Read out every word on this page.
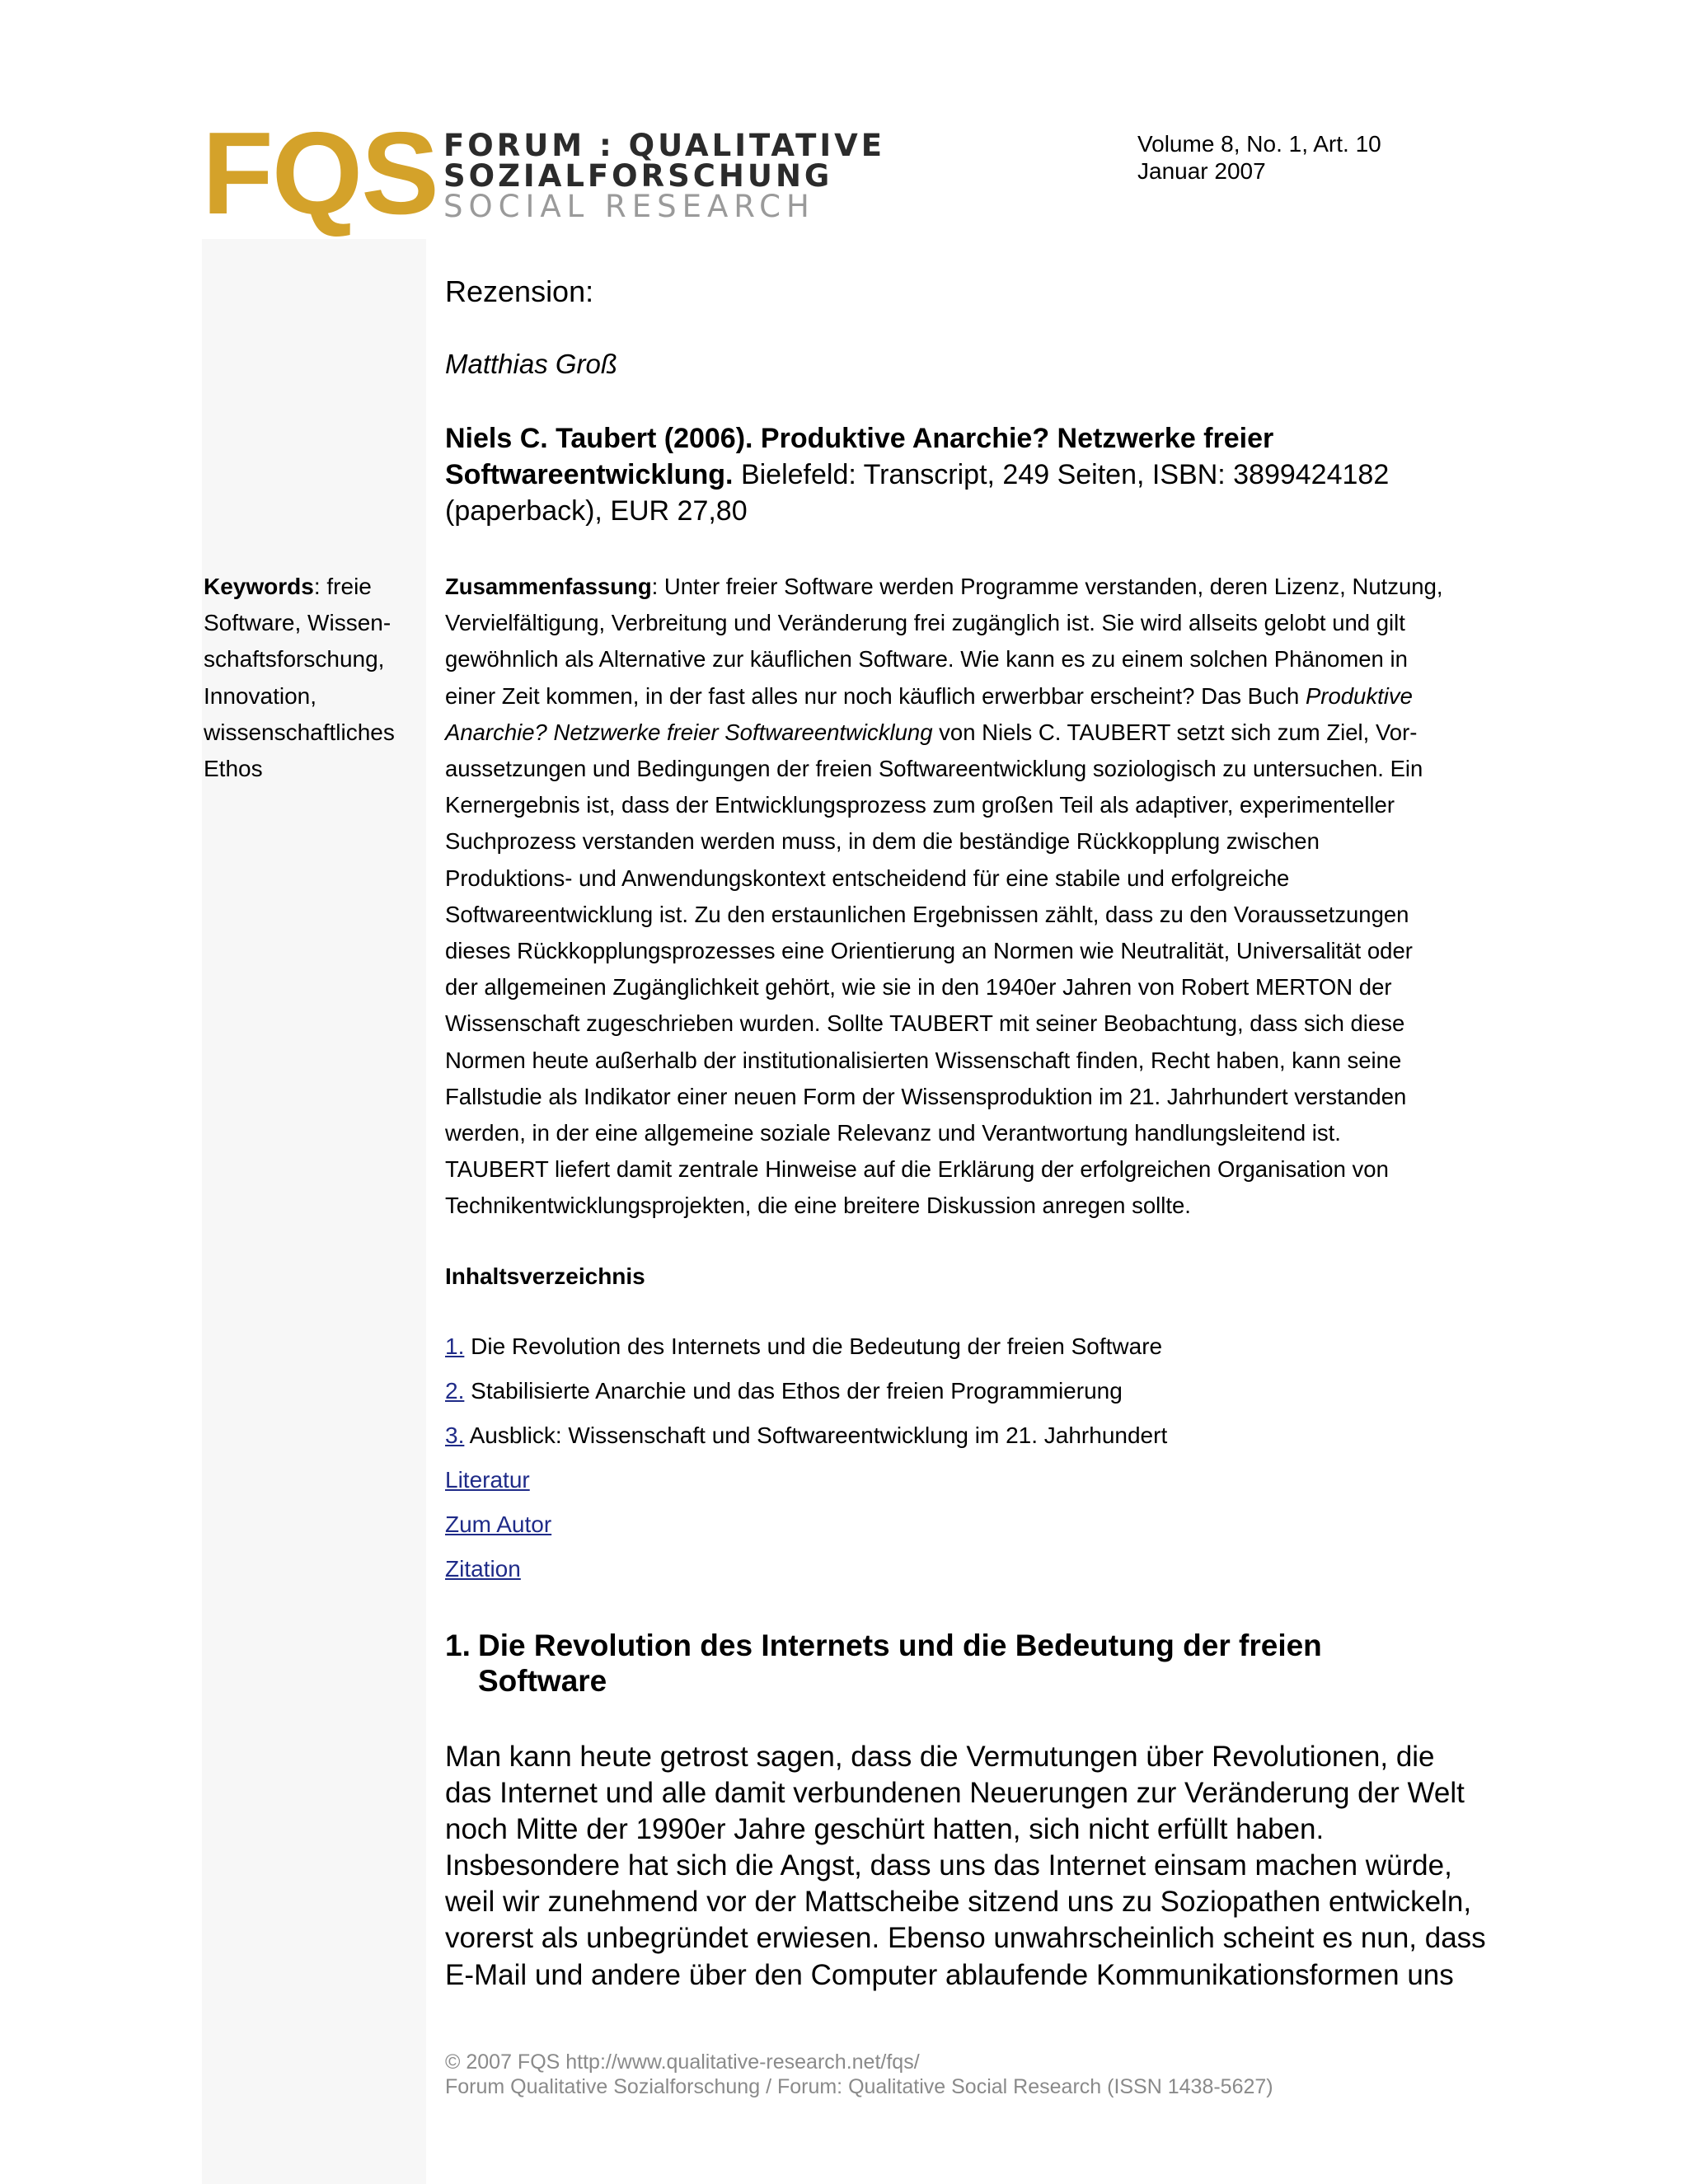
FQS FORUM : QUALITATIVE
SOZIALFORSCHUNG
SOCIAL RESEARCH
Volume 8, No. 1, Art. 10
Januar 2007
Rezension:
Matthias Groß
Niels C. Taubert (2006). Produktive Anarchie? Netzwerke freier
Softwareentwicklung. Bielefeld: Transcript, 249 Seiten, ISBN: 3899424182
(paperback), EUR 27,80
Keywords: freie
Software, Wissen-
schaftsforschung,
Innovation,
wissenschaftliches
Ethos
Zusammenfassung: Unter freier Software werden Programme verstanden, deren Lizenz, Nutzung,
Vervielfältigung, Verbreitung und Veränderung frei zugänglich ist. Sie wird allseits gelobt und gilt
gewöhnlich als Alternative zur käuflichen Software. Wie kann es zu einem solchen Phänomen in
einer Zeit kommen, in der fast alles nur noch käuflich erwerbbar erscheint? Das Buch Produktive
Anarchie? Netzwerke freier Softwareentwicklung von Niels C. TAUBERT setzt sich zum Ziel, Vor-
aussetzungen und Bedingungen der freien Softwareentwicklung soziologisch zu untersuchen. Ein
Kernergebnis ist, dass der Entwicklungsprozess zum großen Teil als adaptiver, experimenteller
Suchprozess verstanden werden muss, in dem die beständige Rückkopplung zwischen
Produktions- und Anwendungskontext entscheidend für eine stabile und erfolgreiche
Softwareentwicklung ist. Zu den erstaunlichen Ergebnissen zählt, dass zu den Voraussetzungen
dieses Rückkopplungsprozesses eine Orientierung an Normen wie Neutralität, Universalität oder
der allgemeinen Zugänglichkeit gehört, wie sie in den 1940er Jahren von Robert MERTON der
Wissenschaft zugeschrieben wurden. Sollte TAUBERT mit seiner Beobachtung, dass sich diese
Normen heute außerhalb der institutionalisierten Wissenschaft finden, Recht haben, kann seine
Fallstudie als Indikator einer neuen Form der Wissensproduktion im 21. Jahrhundert verstanden
werden, in der eine allgemeine soziale Relevanz und Verantwortung handlungsleitend ist.
TAUBERT liefert damit zentrale Hinweise auf die Erklärung der erfolgreichen Organisation von
Technikentwicklungsprojekten, die eine breitere Diskussion anregen sollte.
Inhaltsverzeichnis
1. Die Revolution des Internets und die Bedeutung der freien Software
2. Stabilisierte Anarchie und das Ethos der freien Programmierung
3. Ausblick: Wissenschaft und Softwareentwicklung im 21. Jahrhundert
Literatur
Zum Autor
Zitation
1. Die Revolution des Internets und die Bedeutung der freien
Software
Man kann heute getrost sagen, dass die Vermutungen über Revolutionen, die
das Internet und alle damit verbundenen Neuerungen zur Veränderung der Welt
noch Mitte der 1990er Jahre geschürt hatten, sich nicht erfüllt haben.
Insbesondere hat sich die Angst, dass uns das Internet einsam machen würde,
weil wir zunehmend vor der Mattscheibe sitzend uns zu Soziopathen entwickeln,
vorerst als unbegründet erwiesen. Ebenso unwahrscheinlich scheint es nun, dass
E-Mail und andere über den Computer ablaufende Kommunikationsformen uns
© 2007 FQS http://www.qualitative-research.net/fqs/
Forum Qualitative Sozialforschung / Forum: Qualitative Social Research (ISSN 1438-5627)
